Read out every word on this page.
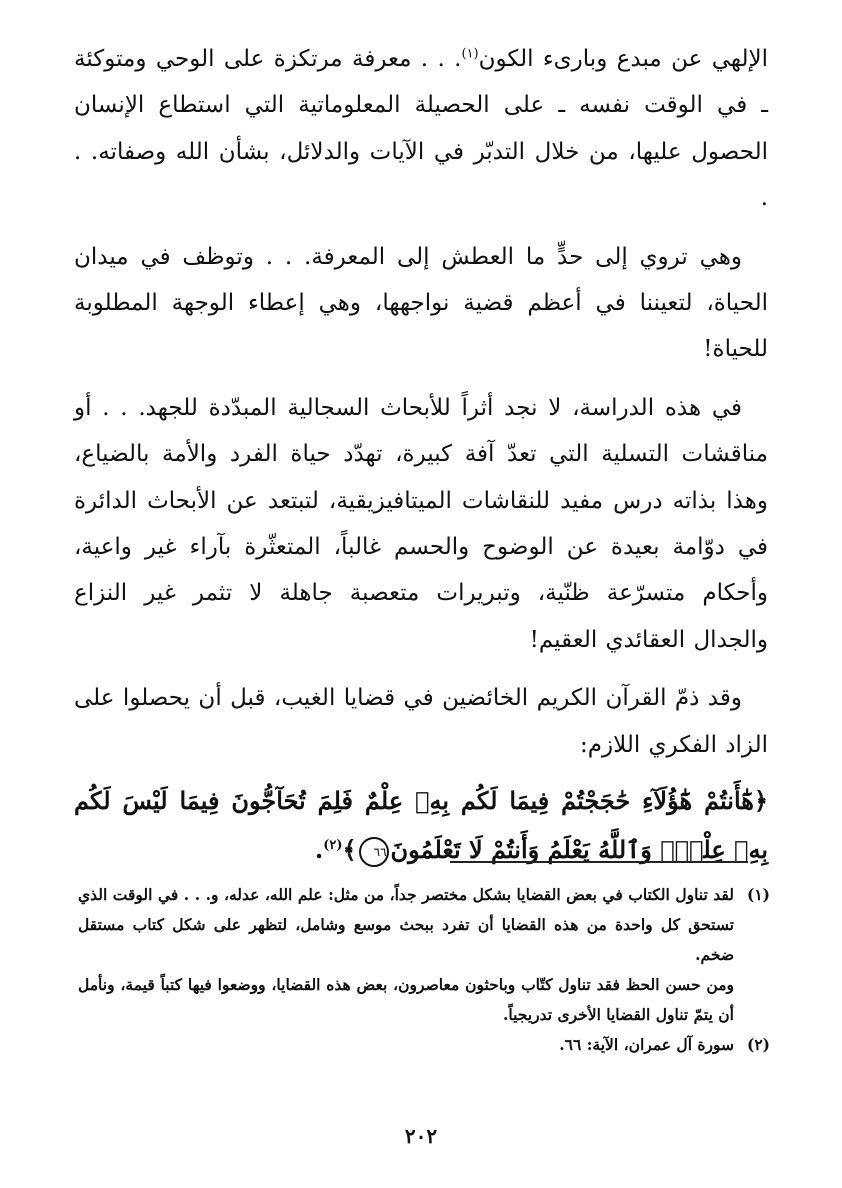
الإلهي عن مبدع وبارىء الكون$^{(١)}$. . . معرفة مرتكزة على الوحي ومتوكئة ـ في الوقت نفسه ـ على الحصيلة المعلوماتية التي استطاع الإنسان الحصول عليها، من خلال التدبّر في الآيات والدلائل، بشأن الله وصفاته. . .

وهي تروي إلى حدٍّ ما العطش إلى المعرفة. . . وتوظف في ميدان الحياة، لتعيننا في أعظم قضية نواجهها، وهي إعطاء الوجهة المطلوبة للحياة!

في هذه الدراسة، لا نجد أثراً للأبحاث السجالية المبدّدة للجهد. . . أو مناقشات التسلية التي تعدّ آفة كبيرة، تهدّد حياة الفرد والأمة بالضياع، وهذا بذاته درس مفيد للنقاشات الميتافيزيقية، لتبتعد عن الأبحاث الدائرة في دوّامة بعيدة عن الوضوح والحسم غالباً، المتعثّرة بآراء غير واعية، وأحكام متسرّعة ظنّية، وتبريرات متعصبة جاهلة لا تثمر غير النزاع والجدال العقائدي العقيم!

وقد ذمّ القرآن الكريم الخائضين في قضايا الغيب، قبل أن يحصلوا على الزاد الفكري اللازم:

﴿هَٰٓأَنتُمْ هَٰٓؤُلَآءِ حَٰجَجْتُمْ فِيمَا لَكُم بِهِۦ عِلْمٌ فَلِمَ تُحَآجُّونَ فِيمَا لَيْسَ لَكُم بِهِۦ عِلْمٌۚ وَٱللَّهُ يَعْلَمُ وَأَنتُمْ لَا تَعْلَمُونَ٦٦﴾$^{(٢)}$.

(١)

لقد تناول الكتاب في بعض القضايا بشكل مختصر جداً، من مثل: علم الله، عدله، و. . . في الوقت الذي تستحق كل واحدة من هذه القضايا أن تفرد ببحث موسع وشامل، لتظهر على شكل كتاب مستقل ضخم.

ومن حسن الحظ فقد تناول كتّاب وباحثون معاصرون، بعض هذه القضايا، ووضعوا فيها كتباً قيمة، ونأمل أن يتمّ تناول القضايا الأخرى تدريجياً.

(٢)

سورة آل عمران، الآية: ٦٦.

٢٠٢
